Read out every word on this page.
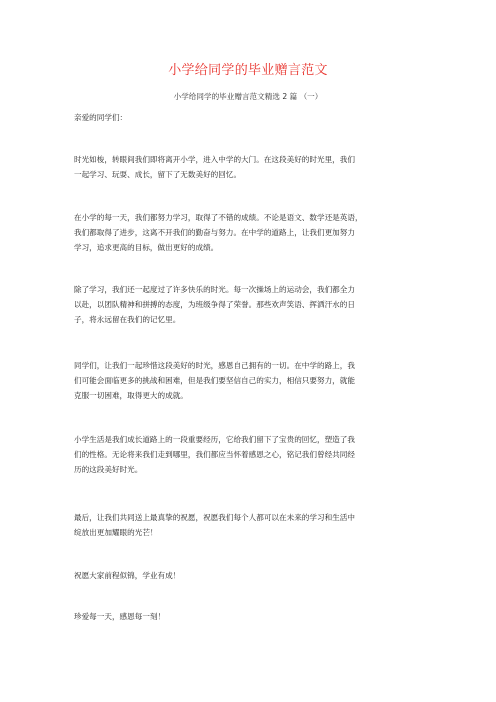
小学给同学的毕业赠言范文
小学给同学的毕业赠言范文精选 2 篇 （一）

亲爱的同学们：

时光如梭，转眼间我们即将离开小学，进入中学的大门。在这段美好的时光里，我们
一起学习、玩耍、成长，留下了无数美好的回忆。

在小学的每一天，我们都努力学习，取得了不错的成绩。不论是语文、数学还是英语，
我们都取得了进步，这离不开我们的勤奋与努力。在中学的道路上，让我们更加努力
学习，追求更高的目标，做出更好的成绩。

除了学习，我们还一起度过了许多快乐的时光。每一次操场上的运动会，我们都全力
以赴，以团队精神和拼搏的态度，为班级争得了荣誉。那些欢声笑语、挥洒汗水的日
子，将永远留在我们的记忆里。

同学们，让我们一起珍惜这段美好的时光，感恩自己拥有的一切。在中学的路上，我
们可能会面临更多的挑战和困难，但是我们要坚信自己的实力，相信只要努力，就能
克服一切困难，取得更大的成就。

小学生活是我们成长道路上的一段重要经历，它给我们留下了宝贵的回忆，塑造了我
们的性格。无论将来我们走到哪里，我们都应当怀着感恩之心，铭记我们曾经共同经
历的这段美好时光。

最后，让我们共同送上最真挚的祝愿，祝愿我们每个人都可以在未来的学习和生活中
绽放出更加耀眼的光芒！

祝愿大家前程似锦，学业有成！

珍爱每一天，感恩每一刻！
